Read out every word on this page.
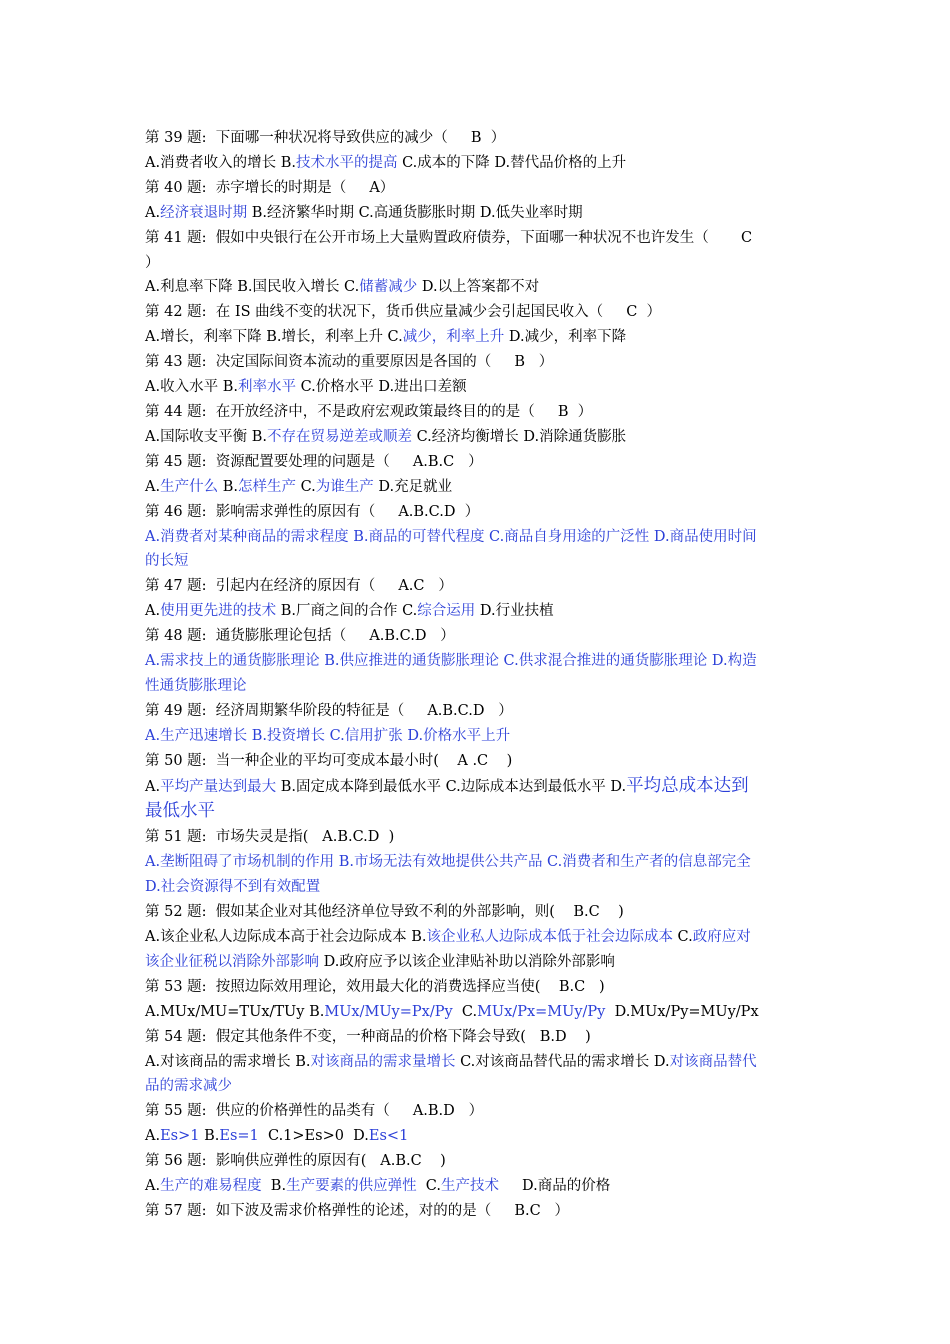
第 39 题:  下面哪一种状况将导致供应的减少（     B  ）
A.消费者收入的增长 B.技术水平的提高 C.成本的下降 D.替代品价格的上升
第 40 题:  赤字增长的时期是（     A）
A.经济衰退时期 B.经济繁华时期 C.高通货膨胀时期 D.低失业率时期
第 41 题:  假如中央银行在公开市场上大量购置政府债券，下面哪一种状况不也许发生（       C
）
A.利息率下降 B.国民收入增长 C.储蓄减少 D.以上答案都不对
第 42 题:  在 IS 曲线不变的状况下，货币供应量减少会引起国民收入（     C  ）
A.增长，利率下降 B.增长，利率上升 C.减少，利率上升 D.减少，利率下降
第 43 题:  决定国际间资本流动的重要原因是各国的（     B   ）
A.收入水平 B.利率水平 C.价格水平 D.进出口差额
第 44 题:  在开放经济中，不是政府宏观政策最终目的的是（     B  ）
A.国际收支平衡 B.不存在贸易逆差或顺差 C.经济均衡增长 D.消除通货膨胀
第 45 题:  资源配置要处理的问题是（     A.B.C   ）
A.生产什么 B.怎样生产 C.为谁生产 D.充足就业
第 46 题:  影响需求弹性的原因有（     A.B.C.D  ）
A.消费者对某种商品的需求程度 B.商品的可替代程度 C.商品自身用途的广泛性 D.商品使用时间
的长短
第 47 题:  引起内在经济的原因有（     A.C   ）
A.使用更先进的技术 B.厂商之间的合作 C.综合运用 D.行业扶植
第 48 题:  通货膨胀理论包括（     A.B.C.D   ）
A.需求技上的通货膨胀理论 B.供应推进的通货膨胀理论 C.供求混合推进的通货膨胀理论 D.构造
性通货膨胀理论
第 49 题:  经济周期繁华阶段的特征是（     A.B.C.D   ）
A.生产迅速增长 B.投资增长 C.信用扩张 D.价格水平上升
第 50 题:  当一种企业的平均可变成本最小时(    A .C    )
A.平均产量达到最大 B.固定成本降到最低水平 C.边际成本达到最低水平 D.平均总成本达到
最低水平
第 51 题:  市场失灵是指(   A.B.C.D  )
A.垄断阻碍了市场机制的作用 B.市场无法有效地提供公共产品 C.消费者和生产者的信息部完全
D.社会资源得不到有效配置
第 52 题:  假如某企业对其他经济单位导致不利的外部影响，则(    B.C    )
A.该企业私人边际成本高于社会边际成本 B.该企业私人边际成本低于社会边际成本 C.政府应对
该企业征税以消除外部影响 D.政府应予以该企业津贴补助以消除外部影响
第 53 题:  按照边际效用理论，效用最大化的消费选择应当使(    B.C   )
A.MUx/MU=TUx/TUy B.MUx/MUy=Px/Py  C.MUx/Px=MUy/Py  D.MUx/Py=MUy/Px
第 54 题:  假定其他条件不变，一种商品的价格下降会导致(   B.D    )
A.对该商品的需求增长 B.对该商品的需求量增长 C.对该商品替代品的需求增长 D.对该商品替代
品的需求减少
第 55 题:  供应的价格弹性的品类有（     A.B.D   ）
A.Es>1 B.Es=1  C.1>Es>0  D.Es<1
第 56 题:  影响供应弹性的原因有(   A.B.C    )
A.生产的难易程度  B.生产要素的供应弹性  C.生产技术     D.商品的价格
第 57 题:  如下波及需求价格弹性的论述，对的的是（     B.C   ）
